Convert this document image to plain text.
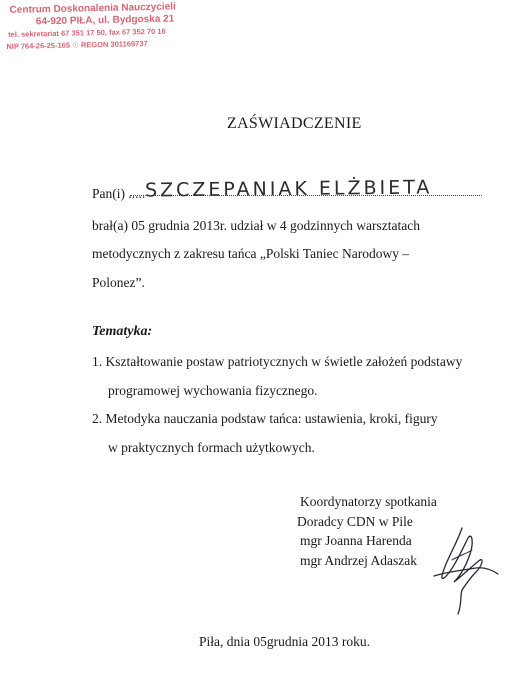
Centrum Doskonalenia Nauczycieli
64-920 PIŁA, ul. Bydgoska 21
tel. sekretariat 67 351 17 50, fax 67 352 70 16
NIP 764-26-25-165 ☉ REGON 301169737
ZAŚWIADCZENIE
Pan(i) ..... SZCZEPANIAK ELŻBIETA
brał(a) 05 grudnia 2013r. udział w 4 godzinnych warsztatach
metodycznych z zakresu tańca „Polski Taniec Narodowy –
Polonez”.
Tematyka:
1. Kształtowanie postaw patriotycznych w świetle założeń podstawy
programowej wychowania fizycznego.
2. Metodyka nauczania podstaw tańca: ustawienia, kroki, figury
w praktycznych formach użytkowych.
Koordynatorzy spotkania
Doradcy CDN w Pile
mgr Joanna Harenda
mgr Andrzej Adaszak
Piła, dnia 05grudnia 2013 roku.
